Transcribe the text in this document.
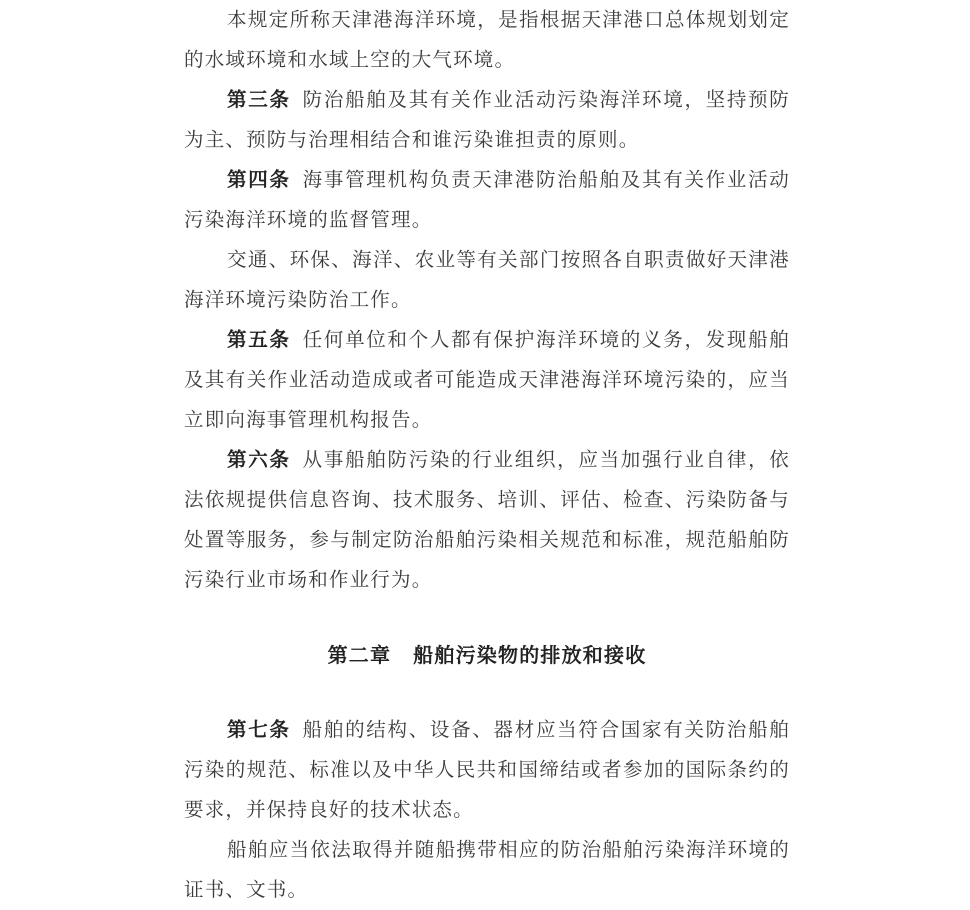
本规定所称天津港海洋环境，是指根据天津港口总体规划划定的水域环境和水域上空的大气环境。

第三条 防治船舶及其有关作业活动污染海洋环境，坚持预防为主、预防与治理相结合和谁污染谁担责的原则。

第四条 海事管理机构负责天津港防治船舶及其有关作业活动污染海洋环境的监督管理。

交通、环保、海洋、农业等有关部门按照各自职责做好天津港海洋环境污染防治工作。

第五条 任何单位和个人都有保护海洋环境的义务，发现船舶及其有关作业活动造成或者可能造成天津港海洋环境污染的，应当立即向海事管理机构报告。

第六条 从事船舶防污染的行业组织，应当加强行业自律，依法依规提供信息咨询、技术服务、培训、评估、检查、污染防备与处置等服务，参与制定防治船舶污染相关规范和标准，规范船舶防污染行业市场和作业行为。

第二章 船舶污染物的排放和接收

第七条 船舶的结构、设备、器材应当符合国家有关防治船舶污染的规范、标准以及中华人民共和国缔结或者参加的国际条约的要求，并保持良好的技术状态。

船舶应当依法取得并随船携带相应的防治船舶污染海洋环境的证书、文书。
